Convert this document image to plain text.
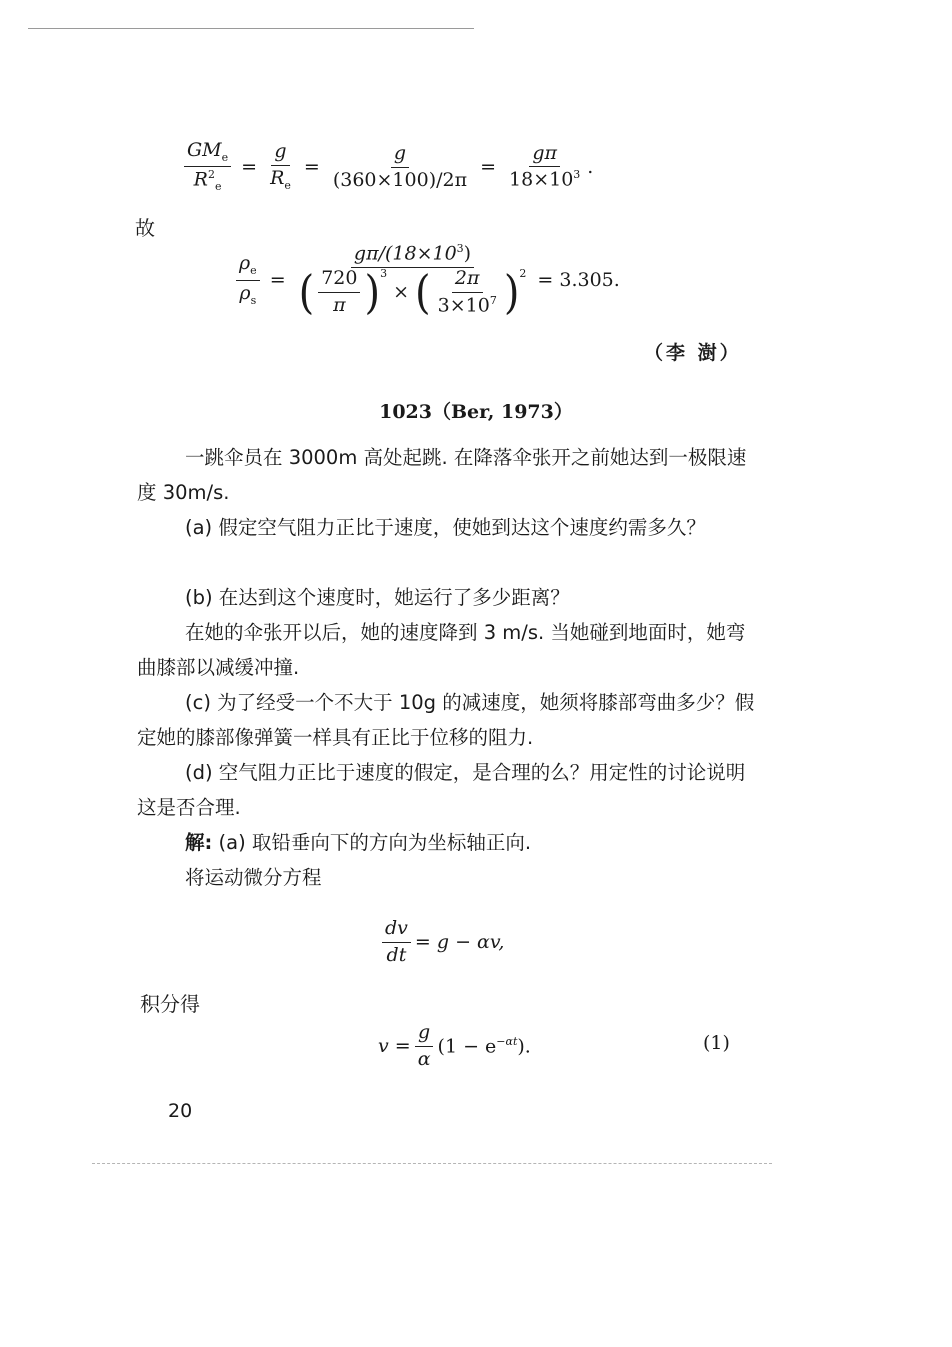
$\frac{GM_e}{R^2_e} = \frac{g}{R_e} = \frac{g}{(360\times 100)/2\pi} = \frac{g\pi}{18\times 10^3}$ .
故
$\frac{\rho_e}{\rho_s}$ =
$g\pi/(18\times 10^3)$
( $\frac{720}{\pi} )^3$
× ( $\frac{2\pi}{3\times 10^7} )^2 = 3.305$.
（李 澍）
1023（Ber, 1973）
一跳伞员在 3000m 高处起跳. 在降落伞张开之前她达到一极限速度 30m/s.
(a) 假定空气阻力正比于速度，使她到达这个速度约需多久？
(b) 在达到这个速度时，她运行了多少距离？
在她的伞张开以后，她的速度降到 3 m/s. 当她碰到地面时，她弯曲膝部以减缓冲撞.
(c) 为了经受一个不大于 10g 的减速度，她须将膝部弯曲多少？假定她的膝部像弹簧一样具有正比于位移的阻力.
(d) 空气阻力正比于速度的假定，是合理的么？用定性的讨论说明这是否合理.
解: (a) 取铅垂向下的方向为坐标轴正向.
将运动微分方程
$\frac{dv}{dt} = g - \alpha v$,
积分得
$v = \frac{g}{\alpha} (1 - e^{-\alpha t})$.	(1)
20
